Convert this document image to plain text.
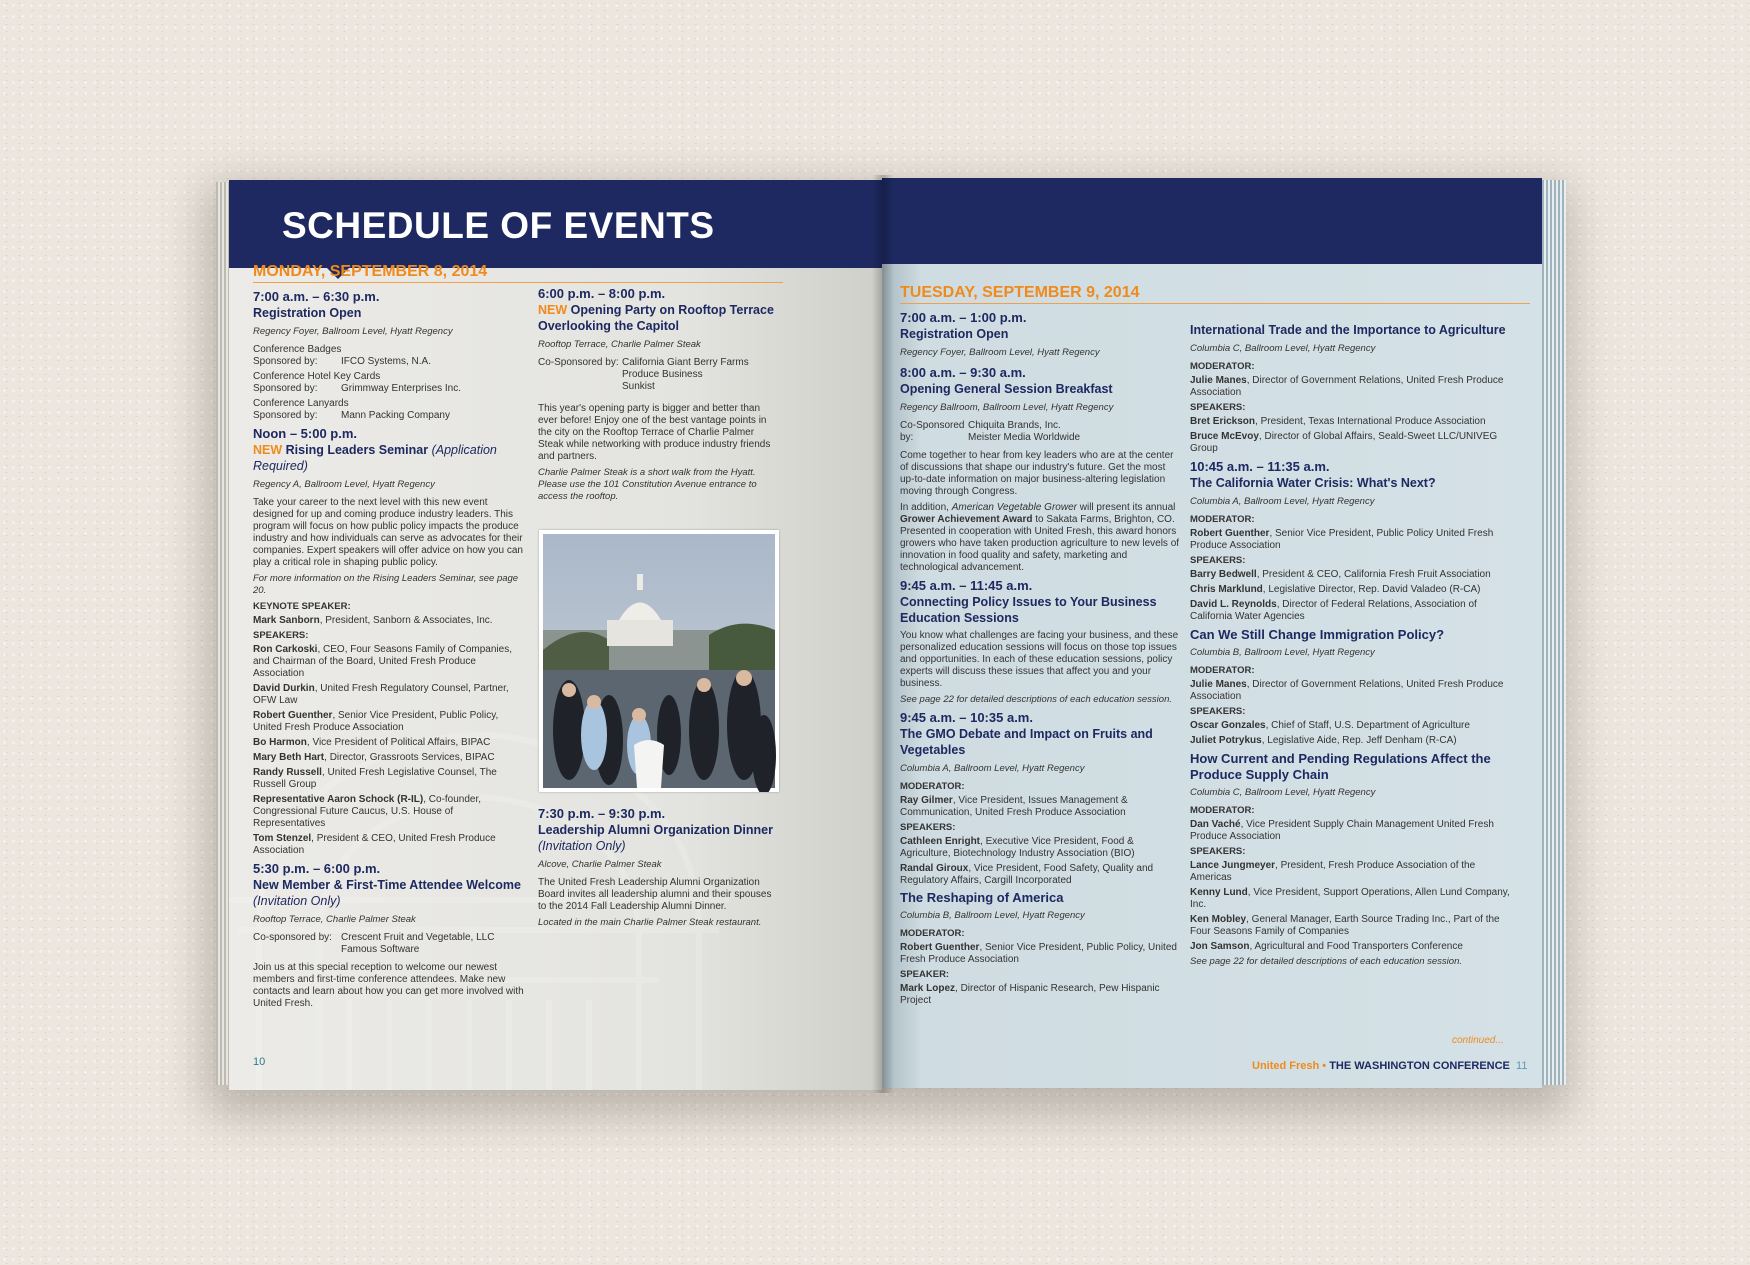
SCHEDULE OF EVENTS
MONDAY, SEPTEMBER 8, 2014

7:00 a.m. – 6:30 p.m.

Registration Open

Regency Foyer, Ballroom Level, Hyatt Regency

Conference Badges

Sponsored by: IFCO Systems, N.A.

Conference Hotel Key Cards

Sponsored by: Grimmway Enterprises Inc.

Conference Lanyards

Sponsored by: Mann Packing Company

Noon – 5:00 p.m.

NEW Rising Leaders Seminar (Application Required)

Regency A, Ballroom Level, Hyatt Regency

Take your career to the next level with this new event designed for up and coming produce industry leaders. This program will focus on how public policy impacts the produce industry and how individuals can serve as advocates for their companies. Expert speakers will offer advice on how you can play a critical role in shaping public policy.

For more information on the Rising Leaders Seminar, see page 20.

KEYNOTE SPEAKER:

Mark Sanborn, President, Sanborn & Associates, Inc.

SPEAKERS:

Ron Carkoski, CEO, Four Seasons Family of Companies, and Chairman of the Board, United Fresh Produce Association

David Durkin, United Fresh Regulatory Counsel, Partner, OFW Law

Robert Guenther, Senior Vice President, Public Policy, United Fresh Produce Association

Bo Harmon, Vice President of Political Affairs, BIPAC

Mary Beth Hart, Director, Grassroots Services, BIPAC

Randy Russell, United Fresh Legislative Counsel, The Russell Group

Representative Aaron Schock (R-IL), Co-founder, Congressional Future Caucus, U.S. House of Representatives

Tom Stenzel, President & CEO, United Fresh Produce Association

5:30 p.m. – 6:00 p.m.

New Member & First-Time Attendee Welcome

(Invitation Only)

Rooftop Terrace, Charlie Palmer Steak

Co-sponsored by: Crescent Fruit and Vegetable, LLC
Famous Software

Join us at this special reception to welcome our newest members and first-time conference attendees. Make new contacts and learn about how you can get more involved with United Fresh.

6:00 p.m. – 8:00 p.m.

NEW Opening Party on Rooftop Terrace Overlooking the Capitol

Rooftop Terrace, Charlie Palmer Steak

Co-Sponsored by: California Giant Berry Farms
Produce Business
Sunkist

This year's opening party is bigger and better than ever before! Enjoy one of the best vantage points in the city on the Rooftop Terrace of Charlie Palmer Steak while networking with produce industry friends and partners.

Charlie Palmer Steak is a short walk from the Hyatt. Please use the 101 Constitution Avenue entrance to access the rooftop.

7:30 p.m. – 9:30 p.m.

Leadership Alumni Organization Dinner

(Invitation Only)

Alcove, Charlie Palmer Steak

The United Fresh Leadership Alumni Organization Board invites all leadership alumni and their spouses to the 2014 Fall Leadership Alumni Dinner.

Located in the main Charlie Palmer Steak restaurant.

10
TUESDAY, SEPTEMBER 9, 2014

7:00 a.m. – 1:00 p.m.

Registration Open

Regency Foyer, Ballroom Level, Hyatt Regency

8:00 a.m. – 9:30 a.m.

Opening General Session Breakfast

Regency Ballroom, Ballroom Level, Hyatt Regency

Co-Sponsored by:
Chiquita Brands, Inc.
Meister Media Worldwide

Come together to hear from key leaders who are at the center of discussions that shape our industry's future. Get the most up-to-date information on major business-altering legislation moving through Congress.

In addition, American Vegetable Grower will present its annual Grower Achievement Award to Sakata Farms, Brighton, CO. Presented in cooperation with United Fresh, this award honors growers who have taken production agriculture to new levels of innovation in food quality and safety, marketing and technological advancement.

9:45 a.m. – 11:45 a.m.

Connecting Policy Issues to Your Business Education Sessions

You know what challenges are facing your business, and these personalized education sessions will focus on those top issues and opportunities. In each of these education sessions, policy experts will discuss these issues that affect you and your business.

See page 22 for detailed descriptions of each education session.

9:45 a.m. – 10:35 a.m.

The GMO Debate and Impact on Fruits and Vegetables

Columbia A, Ballroom Level, Hyatt Regency

MODERATOR:

Ray Gilmer, Vice President, Issues Management & Communication, United Fresh Produce Association

SPEAKERS:

Cathleen Enright, Executive Vice President, Food & Agriculture, Biotechnology Industry Association (BIO)

Randal Giroux, Vice President, Food Safety, Quality and Regulatory Affairs, Cargill Incorporated

The Reshaping of America

Columbia B, Ballroom Level, Hyatt Regency

MODERATOR:

Robert Guenther, Senior Vice President, Public Policy, United Fresh Produce Association

SPEAKER:

Mark Lopez, Director of Hispanic Research, Pew Hispanic Project

International Trade and the Importance to Agriculture

Columbia C, Ballroom Level, Hyatt Regency

MODERATOR:

Julie Manes, Director of Government Relations, United Fresh Produce Association

SPEAKERS:

Bret Erickson, President, Texas International Produce Association

Bruce McEvoy, Director of Global Affairs, Seald-Sweet LLC/UNIVEG Group

10:45 a.m. – 11:35 a.m.

The California Water Crisis: What's Next?

Columbia A, Ballroom Level, Hyatt Regency

MODERATOR:

Robert Guenther, Senior Vice President, Public Policy United Fresh Produce Association

SPEAKERS:

Barry Bedwell, President & CEO, California Fresh Fruit Association

Chris Marklund, Legislative Director, Rep. David Valadeo (R-CA)

David L. Reynolds, Director of Federal Relations, Association of California Water Agencies

Can We Still Change Immigration Policy?

Columbia B, Ballroom Level, Hyatt Regency

MODERATOR:

Julie Manes, Director of Government Relations, United Fresh Produce Association

SPEAKERS:

Oscar Gonzales, Chief of Staff, U.S. Department of Agriculture

Juliet Potrykus, Legislative Aide, Rep. Jeff Denham (R-CA)

How Current and Pending Regulations Affect the Produce Supply Chain

Columbia C, Ballroom Level, Hyatt Regency

MODERATOR:

Dan Vaché, Vice President Supply Chain Management United Fresh Produce Association

SPEAKERS:

Lance Jungmeyer, President, Fresh Produce Association of the Americas

Kenny Lund, Vice President, Support Operations, Allen Lund Company, Inc.

Ken Mobley, General Manager, Earth Source Trading Inc., Part of the Four Seasons Family of Companies

Jon Samson, Agricultural and Food Transporters Conference

See page 22 for detailed descriptions of each education session.

continued...
United Fresh • THE WASHINGTON CONFERENCE 11
